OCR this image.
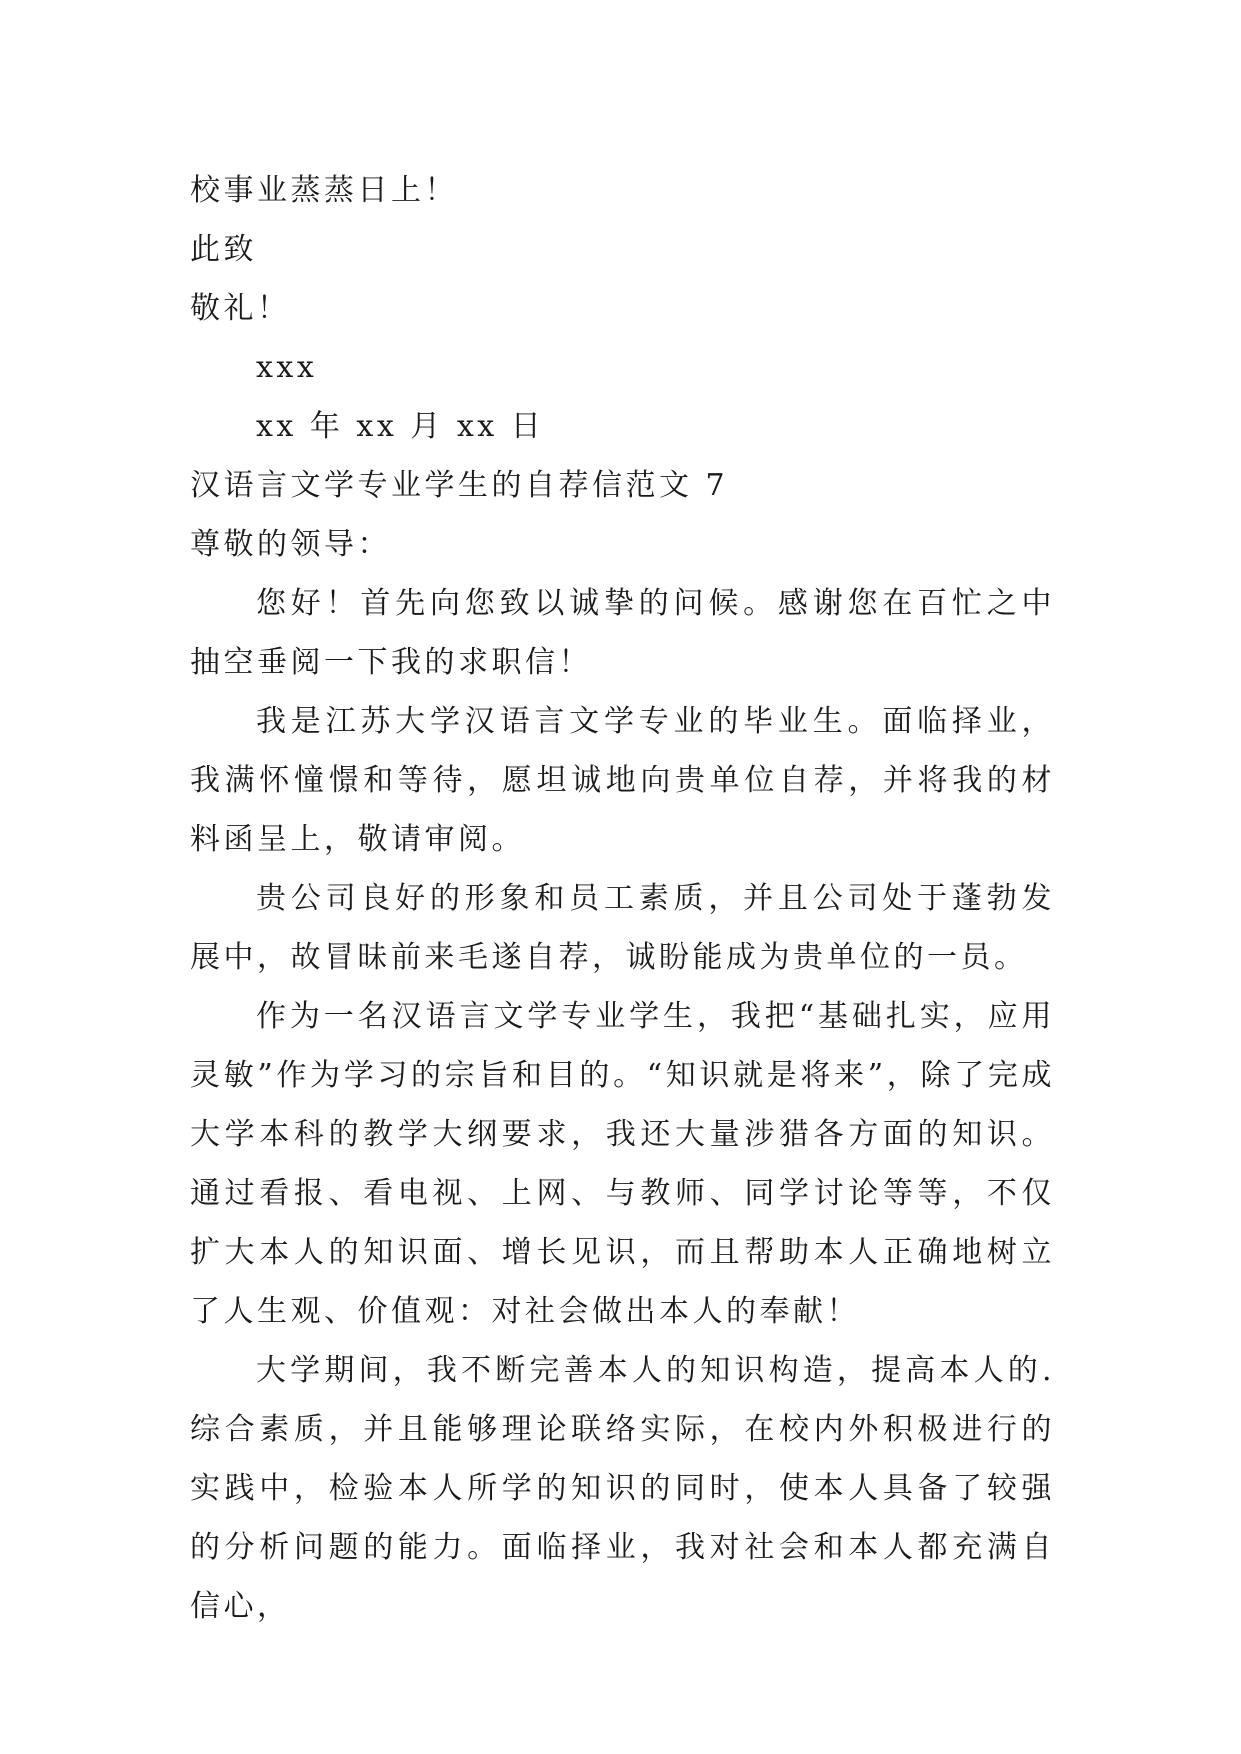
校事业蒸蒸日上！
此致
敬礼！
xxx
xx 年 xx 月 xx 日
汉语言文学专业学生的自荐信范文 7
尊敬的领导：

您好！首先向您致以诚挚的问候。感谢您在百忙之中抽空垂阅一下我的求职信！

我是江苏大学汉语言文学专业的毕业生。面临择业，我满怀憧憬和等待，愿坦诚地向贵单位自荐，并将我的材料函呈上，敬请审阅。

贵公司良好的形象和员工素质，并且公司处于蓬勃发展中，故冒昧前来毛遂自荐，诚盼能成为贵单位的一员。

作为一名汉语言文学专业学生，我把“基础扎实，应用灵敏”作为学习的宗旨和目的。“知识就是将来”，除了完成大学本科的教学大纲要求，我还大量涉猎各方面的知识。通过看报、看电视、上网、与教师、同学讨论等等，不仅扩大本人的知识面、增长见识，而且帮助本人正确地树立了人生观、价值观：对社会做出本人的奉献！

大学期间，我不断完善本人的知识构造，提高本人的.综合素质，并且能够理论联络实际，在校内外积极进行的实践中，检验本人所学的知识的同时，使本人具备了较强的分析问题的能力。面临择业，我对社会和本人都充满自信心，
